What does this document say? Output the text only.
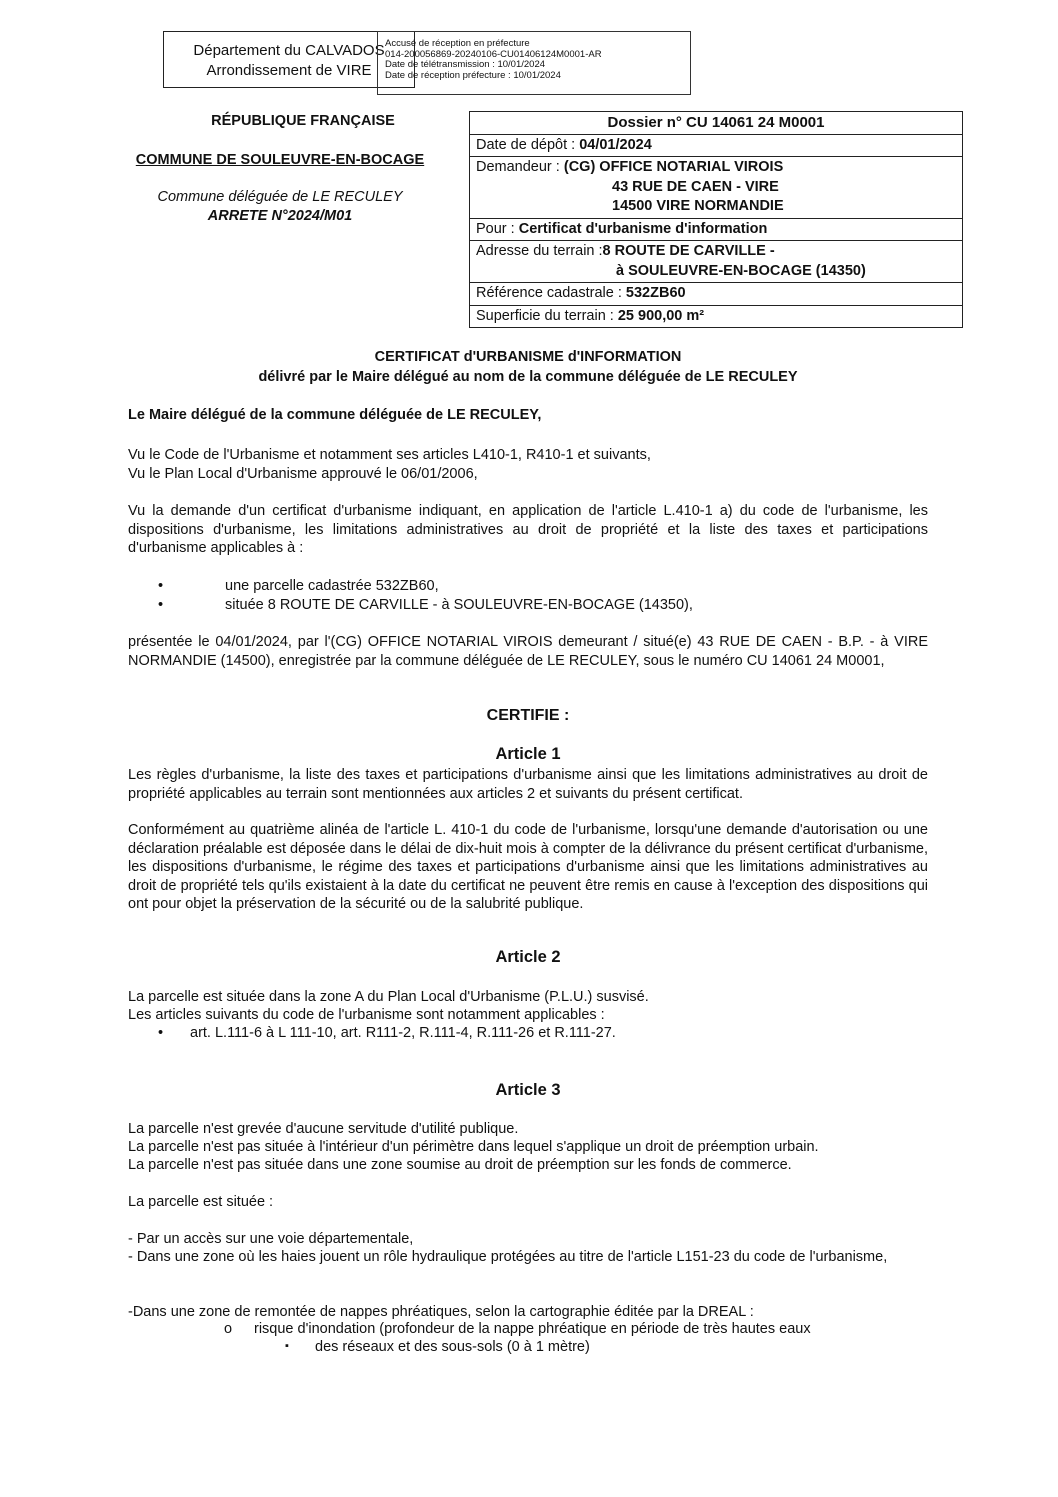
Département du CALVADOS
Arrondissement de VIRE
Accusé de réception en préfecture
014-200056869-20240106-CU01406124M0001-AR
Date de télétransmission : 10/01/2024
Date de réception préfecture : 10/01/2024
RÉPUBLIQUE FRANÇAISE
COMMUNE DE SOULEUVRE-EN-BOCAGE
Commune déléguée de LE RECULEY
ARRETE N°2024/M01
Dossier n° CU 14061 24 M0001
Date de dépôt : 04/01/2024
Demandeur : (CG) OFFICE NOTARIAL VIROIS
43 RUE DE CAEN - VIRE
14500 VIRE NORMANDIE

Pour : Certificat d'urbanisme d'information
Adresse du terrain :8 ROUTE DE CARVILLE -
à SOULEUVRE-EN-BOCAGE (14350)

Référence cadastrale : 532ZB60
Superficie du terrain : 25 900,00 m²
CERTIFICAT d'URBANISME d'INFORMATION
délivré par le Maire délégué au nom de la commune déléguée de LE RECULEY
Le Maire délégué de la commune déléguée de LE RECULEY,
Vu le Code de l'Urbanisme et notamment ses articles L410-1, R410-1 et suivants,
Vu le Plan Local d'Urbanisme approuvé le 06/01/2006,
Vu la demande d'un certificat d'urbanisme indiquant, en application de l'article L.410-1 a) du code de l'urbanisme, les dispositions d'urbanisme, les limitations administratives au droit de propriété et la liste des taxes et participations d'urbanisme applicables à :
•	une parcelle cadastrée 532ZB60,
•	située 8 ROUTE DE CARVILLE - à SOULEUVRE-EN-BOCAGE (14350),
présentée le 04/01/2024, par l'(CG) OFFICE NOTARIAL VIROIS demeurant / situé(e) 43 RUE DE CAEN - B.P. - à VIRE NORMANDIE (14500), enregistrée par la commune déléguée de LE RECULEY, sous le numéro CU 14061 24 M0001,
CERTIFIE :
Article 1
Les règles d'urbanisme, la liste des taxes et participations d'urbanisme ainsi que les limitations administratives au droit de propriété applicables au terrain sont mentionnées aux articles 2 et suivants du présent certificat.
Conformément au quatrième alinéa de l'article L. 410-1 du code de l'urbanisme, lorsqu'une demande d'autorisation ou une déclaration préalable est déposée dans le délai de dix-huit mois à compter de la délivrance du présent certificat d'urbanisme, les dispositions d'urbanisme, le régime des taxes et participations d'urbanisme ainsi que les limitations administratives au droit de propriété tels qu'ils existaient à la date du certificat ne peuvent être remis en cause à l'exception des dispositions qui ont pour objet la préservation de la sécurité ou de la salubrité publique.
Article 2
La parcelle est située dans la zone A du Plan Local d'Urbanisme (P.L.U.) susvisé.
Les articles suivants du code de l'urbanisme sont notamment applicables :
• art. L.111-6 à L 111-10, art. R111-2, R.111-4, R.111-26 et R.111-27.
Article 3
La parcelle n'est grevée d'aucune servitude d'utilité publique.
La parcelle n'est pas située à l'intérieur d'un périmètre dans lequel s'applique un droit de préemption urbain.
La parcelle n'est pas située dans une zone soumise au droit de préemption sur les fonds de commerce.
La parcelle est située :
- Par un accès sur une voie départementale,
- Dans une zone où les haies jouent un rôle hydraulique protégées au titre de l'article L151-23 du code de l'urbanisme,
-Dans une zone de remontée de nappes phréatiques, selon la cartographie éditée par la DREAL :
o risque d'inondation (profondeur de la nappe phréatique en période de très hautes eaux
▪ des réseaux et des sous-sols (0 à 1 mètre)
